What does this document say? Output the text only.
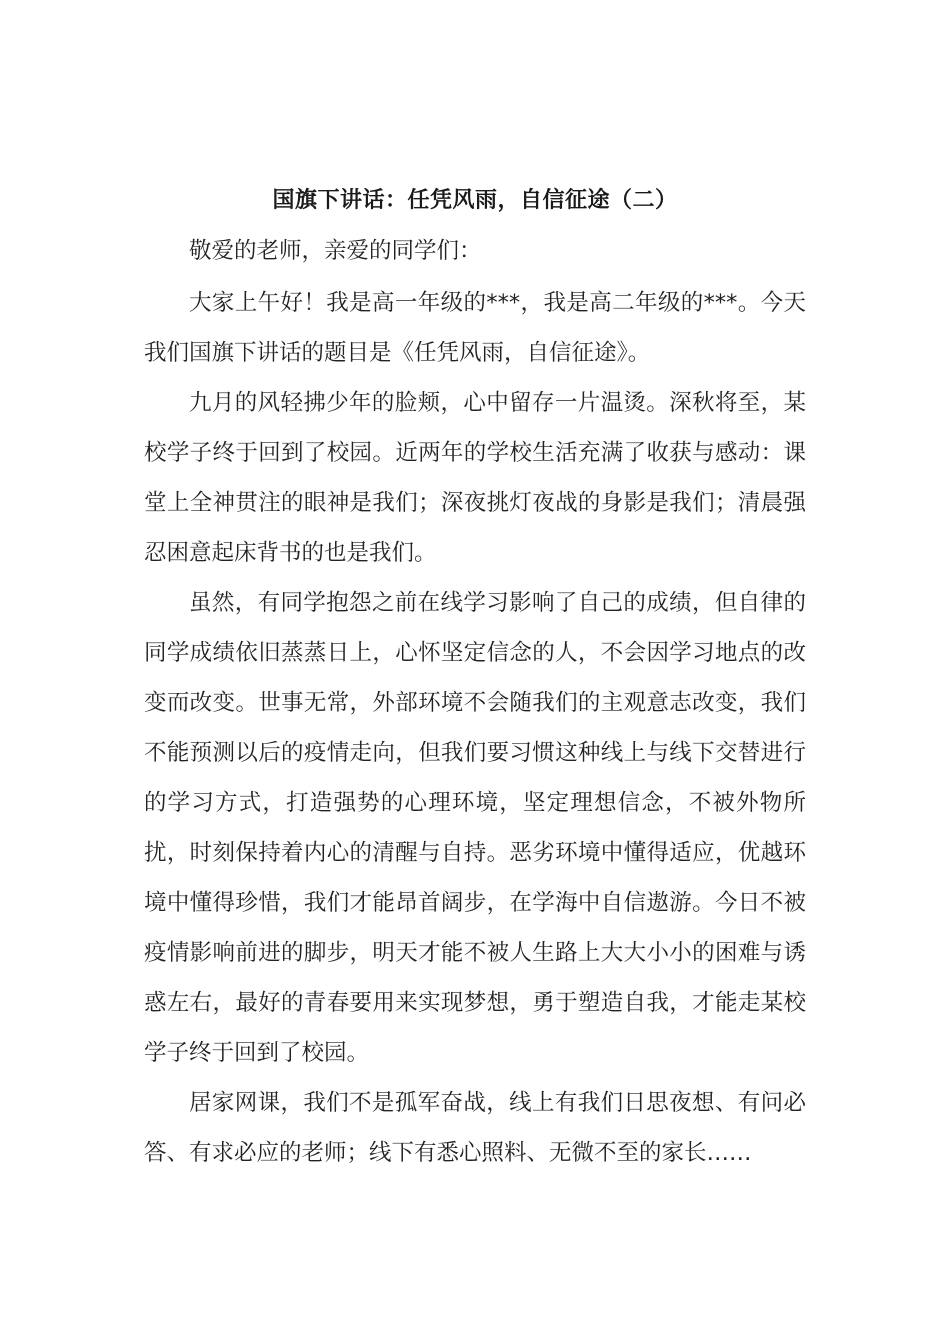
国旗下讲话：任凭风雨，自信征途（二）

敬爱的老师，亲爱的同学们：

大家上午好！我是高一年级的***，我是高二年级的***。今天我们国旗下讲话的题目是《任凭风雨，自信征途》。

九月的风轻拂少年的脸颊，心中留存一片温烫。深秋将至，某校学子终于回到了校园。近两年的学校生活充满了收获与感动：课堂上全神贯注的眼神是我们；深夜挑灯夜战的身影是我们；清晨强忍困意起床背书的也是我们。

虽然，有同学抱怨之前在线学习影响了自己的成绩，但自律的同学成绩依旧蒸蒸日上，心怀坚定信念的人，不会因学习地点的改变而改变。世事无常，外部环境不会随我们的主观意志改变，我们不能预测以后的疫情走向，但我们要习惯这种线上与线下交替进行的学习方式，打造强势的心理环境，坚定理想信念，不被外物所扰，时刻保持着内心的清醒与自持。恶劣环境中懂得适应，优越环境中懂得珍惜，我们才能昂首阔步，在学海中自信遨游。今日不被疫情影响前进的脚步，明天才能不被人生路上大大小小的困难与诱惑左右，最好的青春要用来实现梦想，勇于塑造自我，才能走某校学子终于回到了校园。

居家网课，我们不是孤军奋战，线上有我们日思夜想、有问必答、有求必应的老师；线下有悉心照料、无微不至的家长……
